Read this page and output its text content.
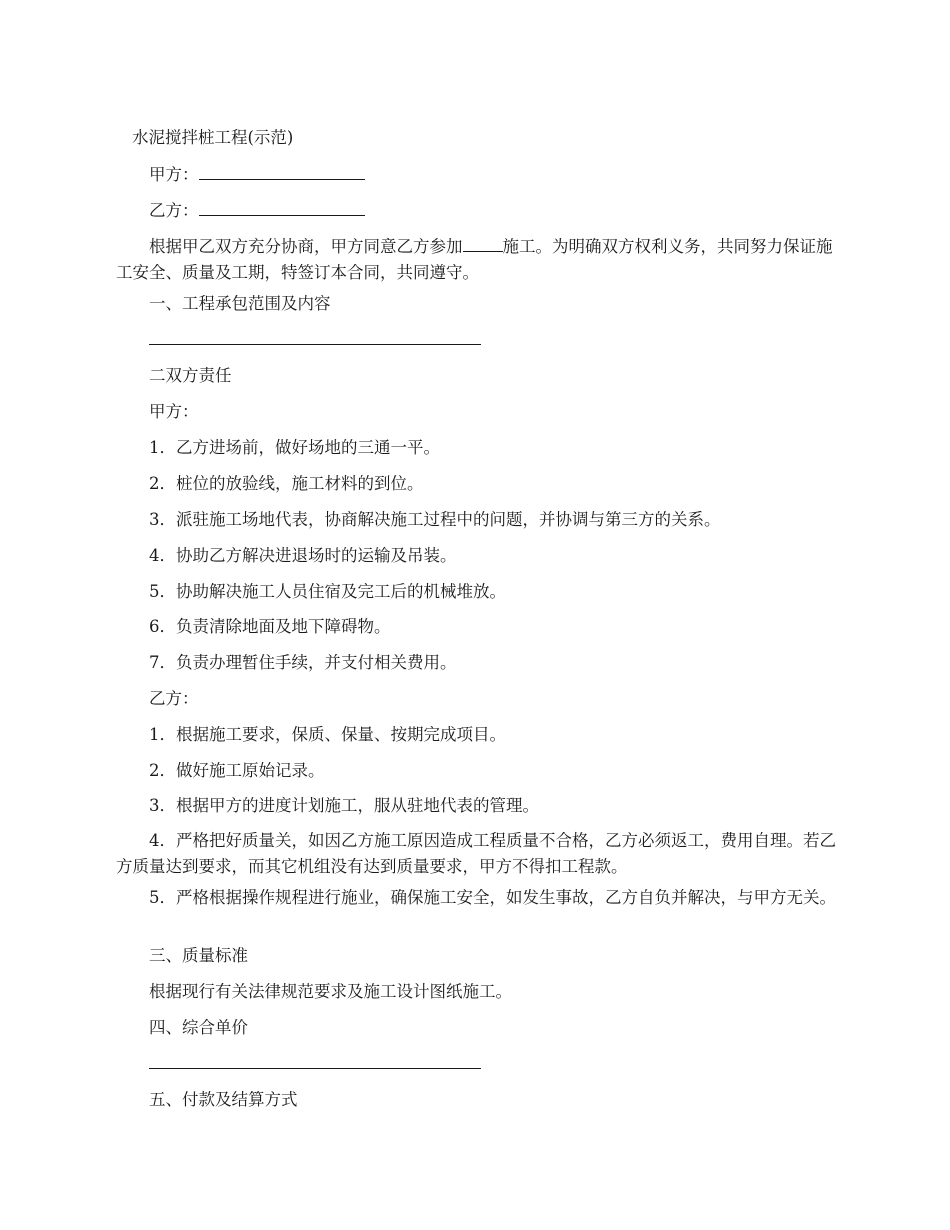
水泥搅拌桩工程(示范)
甲方：
乙方：
根据甲乙双方充分协商，甲方同意乙方参加 施工。为明确双方权利义务，共同努力保证施工安全、质量及工期，特签订本合同，共同遵守。
一、工程承包范围及内容
二双方责任
甲方：
1．乙方进场前，做好场地的三通一平。
2．桩位的放验线，施工材料的到位。
3．派驻施工场地代表，协商解决施工过程中的问题，并协调与第三方的关系。
4．协助乙方解决进退场时的运输及吊装。
5．协助解决施工人员住宿及完工后的机械堆放。
6．负责清除地面及地下障碍物。
7．负责办理暂住手续，并支付相关费用。
乙方：
1．根据施工要求，保质、保量、按期完成项目。
2．做好施工原始记录。
3．根据甲方的进度计划施工，服从驻地代表的管理。
4．严格把好质量关，如因乙方施工原因造成工程质量不合格，乙方必须返工，费用自理。若乙方质量达到要求，而其它机组没有达到质量要求，甲方不得扣工程款。
5．严格根据操作规程进行施业，确保施工安全，如发生事故，乙方自负并解决，与甲方无关。
三、质量标准
根据现行有关法律规范要求及施工设计图纸施工。
四、综合单价
五、付款及结算方式
